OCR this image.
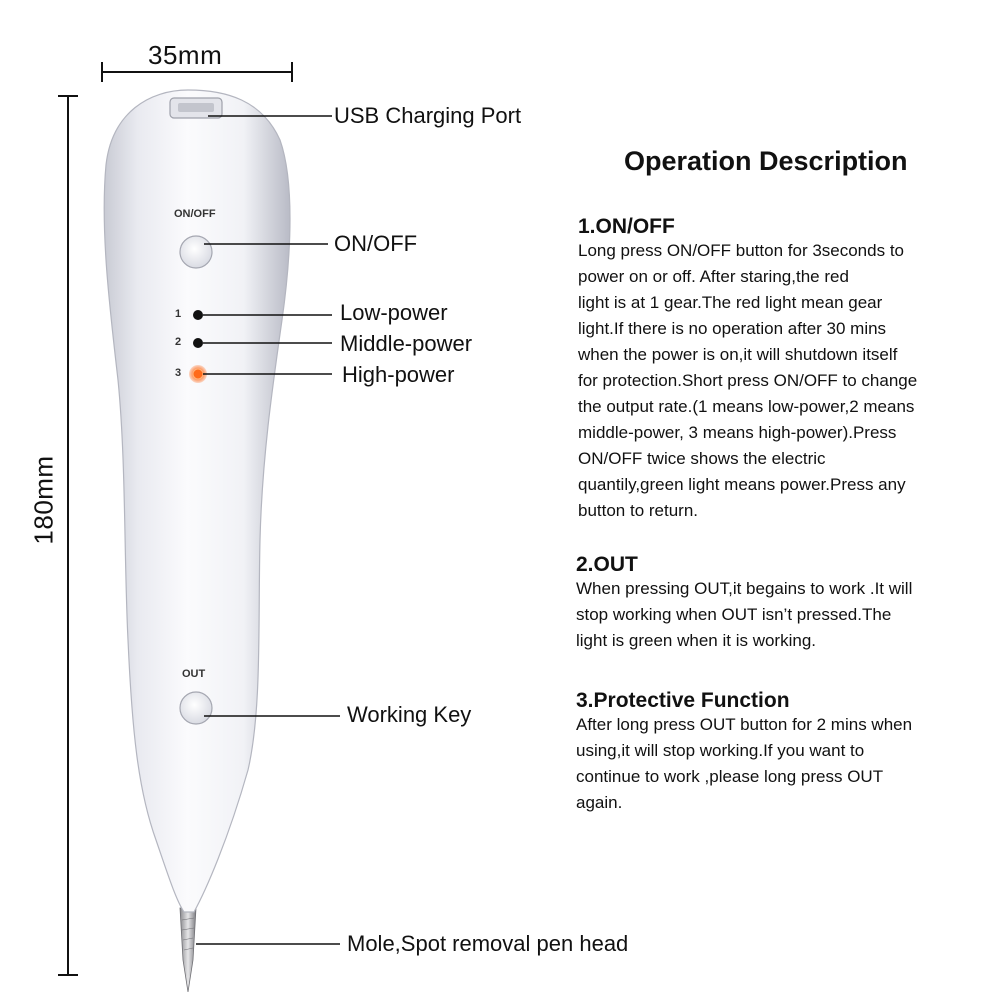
35mm
180mm
ON/OFF
1
2
3
OUT
USB Charging Port
ON/OFF
Low-power
Middle-power
High-power
Working Key
Mole,Spot removal pen head
Operation Description
1.ON/OFF

Long press ON/OFF button for 3seconds to

power on or off. After staring,the red

light is at 1 gear.The red light mean gear

light.If there is no operation after 30 mins

when the power is on,it will shutdown itself

for protection.Short press ON/OFF to change

the output rate.(1 means low-power,2 means

middle-power, 3 means high-power).Press

ON/OFF twice shows the electric

quantily,green light means power.Press any

button to return.

2.OUT

When pressing OUT,it begains to work .It will

stop working when OUT isn’t pressed.The

light is green when it is working.

3.Protective Function

After long press OUT button for 2 mins when

using,it will stop working.If you want to

continue to work ,please long press OUT

again.
